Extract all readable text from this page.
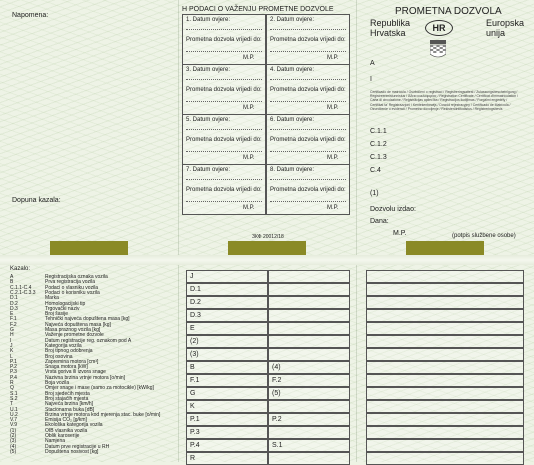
Napomena:
Dopuna kazala:
H PODACI O VAŽENJU PROMETNE DOZVOLE
1. Datum ovjere:
Prometna dozvola vrijedi do:
M.P.
2. Datum ovjere:
Prometna dozvola vrijedi do:
M.P.
3. Datum ovjere:
Prometna dozvola vrijedi do:
M.P.
4. Datum ovjere:
Prometna dozvola vrijedi do:
M.P.
5. Datum ovjere:
Prometna dozvola vrijedi do:
M.P.
6. Datum ovjere:
Prometna dozvola vrijedi do:
M.P.
7. Datum ovjere:
Prometna dozvola vrijedi do:
M.P.
8. Datum ovjere:
Prometna dozvola vrijedi do:
M.P.
ЗКФ 20012/18
PROMETNA DOZVOLA
Republika
Hrvatska	HR	Europska
unija
A
I
Certificado de matrícula / Osvědčení o registraci / Registreringsattest / Zulassungsbescheinigung / Registreerimistunnistus / Άδεια κυκλοφορίας / Registration Certificate / Certificat d'immatriculation / Carta di circolazione / Reģistrācijas apliecība / Registracijos liudijimas / Forgalmi engedély / Certifikat ta' Registrazzjoni / Kentekenbewijs / Dowód rejestracyjny / Certificado de Matrícula / Osvedčenie o evidencii / Prometno dovoljenje / Rekisteröintitodistus / Registreringsbevis
C.1.1
C.1.2
C.1.3
C.4
(1)
Dozvolu izdao:
Dana:
M.P.	(potpis službene osobe)
Kazalo:
A	Registracijska oznaka vozila
B	Prva registracija vozila
C.1.1-C.4	Podaci o vlasniku vozila
C.2.1-C.3.3 Podaci o korisniku vozila
D.1	Marka
D.2	Homologacijski tip
D.3	Trgovački naziv
E	Broj šasije
F.1	Tehnički najveća dopuštena masa [kg]
F.2	Najveća dopuštena masa [kg]
G	Masa praznog vozila [kg]
H	Važenje prometne dozvole
I	Datum registracije reg. oznakom pod A
J	Kategorija vozila
K	Broj tipnog odobrenja
L	Broj osovina
P.1	Zapremina motora [cm³]
P.2	Snaga motora [kW]
P.3	Vrsta goriva ili izvora snage
P.4	Nazivna brzina vrtnje motora [o/min]
R	Boja vozila
Q	Omjer snage i mase (samo za motocikle) [kW/kg]
S.1	Broj sjedećih mjesta
S.2	Broj stajaćih mjesta
T	Najveća brzina [km/h]
U.1	Stacionarna buka [dB]
U.2	Brzina vrtnje motora kod mjerenja stac. buke [o/min]
V.7	Emisija CO₂ [g/km]
V.9	Ekološka kategorija vozila
(1)	OIB vlasnika vozila
(2)	Oblik karoserije
(3)	Namjena
(4)	Datum prve registracije u RH
(5)	Dopuštena nosivost [kg]
J
D.1
D.2
D.3
E
(2)
(3)
B	(4)
F.1	F.2
G	(5)
K
P.1	P.2
P.3
P.4	S.1
R
